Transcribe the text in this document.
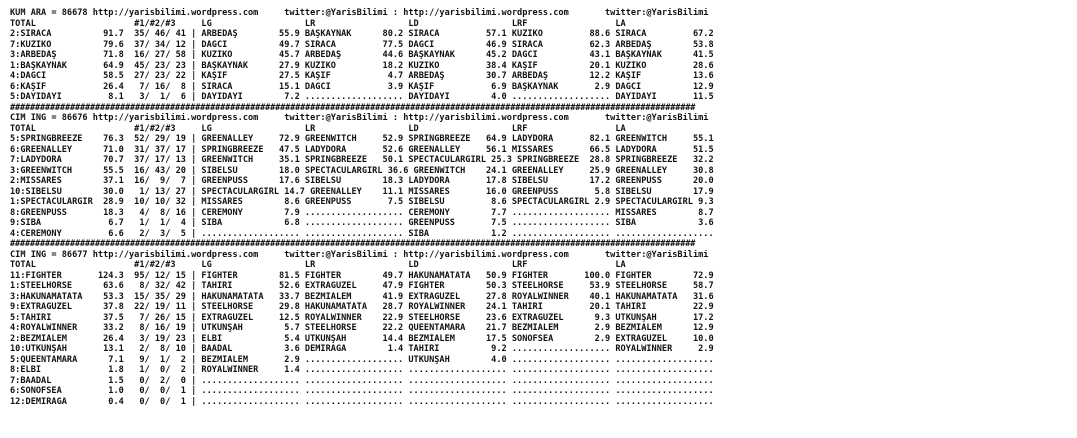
KUM ARA = 86678 http://yarisbilimi.wordpress.com     twitter:@YarisBilimi : http://yarisbilimi.wordpress.com       twitter:@YarisBilimi
TOTAL                   #1/#2/#3     LG                  LR                  LD                  LRF                 LA
2:SIRACA          91.7  35/ 46/ 41 | ARBEDAŞ        55.9 BAŞKAYNAK      80.2 SIRACA         57.1 KUZİKO         88.6 SIRACA         67.2
7:KUZİKO          79.6  37/ 34/ 12 | DAĞCI          49.7 SIRACA         77.5 DAĞCI          46.9 SIRACA         62.3 ARBEDAŞ        53.8
3:ARBEDAŞ         71.8  16/ 27/ 58 | KUZİKO         45.7 ARBEDAŞ        44.6 BAŞKAYNAK      45.2 DAĞCI          43.1 BAŞKAYNAK      41.5
1:BAŞKAYNAK       64.9  45/ 23/ 23 | BAŞKAYNAK      27.9 KUZİKO         18.2 KUZİKO         38.4 KAŞİF          20.1 KUZİKO         28.6
4:DAĞCI           58.5  27/ 23/ 22 | KAŞİF          27.5 KAŞİF           4.7 ARBEDAŞ        30.7 ARBEDAŞ        12.2 KAŞİF          13.6
6:KAŞİF           26.4   7/ 16/  8 | SIRACA         15.1 DAĞCI           3.9 KAŞİF           6.9 BAŞKAYNAK       2.9 DAĞCI          12.9
5:DAYIDAYI         8.1   3/  1/  6 | DAYIDAYI        7.2 ................... DAYIDAYI        4.0 ................... DAYIDAYI       11.5
#########################################################################################################################################
CIM ING = 86676 http://yarisbilimi.wordpress.com     twitter:@YarisBilimi : http://yarisbilimi.wordpress.com       twitter:@YarisBilimi
TOTAL                   #1/#2/#3     LG                  LR                  LD                  LRF                 LA
5:SPRINGBREEZE    76.3  52/ 29/ 19 | GREENALLEY     72.9 GREENWITCH     52.9 SPRINGBREEZE   64.9 LADYDORA       82.1 GREENWITCH     55.1
6:GREENALLEY      71.0  31/ 37/ 17 | SPRINGBREEZE   47.5 LADYDORA       52.6 GREENALLEY     56.1 MISSARES       66.5 LADYDORA       51.5
7:LADYDORA        70.7  37/ 17/ 13 | GREENWITCH     35.1 SPRINGBREEZE   50.1 SPECTACULARGIRL 25.3 SPRINGBREEZE  28.8 SPRINGBREEZE   32.2
3:GREENWITCH      55.5  16/ 43/ 20 | SİBELSU        18.0 SPECTACULARGIRL 36.6 GREENWITCH    24.1 GREENALLEY     25.9 GREENALLEY     30.8
2:MISSARES        37.1  16/  9/  7 | GREENPUSS      17.6 SİBELSU        18.3 LADYDORA       17.8 SİBELSU        17.2 GREENPUSS      20.0
10:SİBELSU        30.0   1/ 13/ 27 | SPECTACULARGIRL 14.7 GREENALLEY    11.1 MISSARES       16.0 GREENPUSS       5.8 SİBELSU        17.9
1:SPECTACULARGIR  28.9  10/ 10/ 32 | MISSARES        8.6 GREENPUSS       7.5 SİBELSU         8.6 SPECTACULARGIRL 2.9 SPECTACULARGIRL 9.3
8:GREENPUSS       18.3   4/  8/ 16 | CEREMONY        7.9 ................... CEREMONY        7.7 ................... MISSARES        8.7
9:SİBA             6.7   1/  1/  4 | SİBA            6.8 ................... GREENPUSS       7.5 ................... SİBA            3.6
4:CEREMONY         6.6   2/  3/  5 | ................... ................... SİBA            1.2 ................... ...................
#########################################################################################################################################
CIM ING = 86677 http://yarisbilimi.wordpress.com     twitter:@YarisBilimi : http://yarisbilimi.wordpress.com       twitter:@YarisBilimi
TOTAL                   #1/#2/#3     LG                  LR                  LD                  LRF                 LA
11:FIGHTER       124.3  95/ 12/ 15 | FIGHTER        81.5 FIGHTER        49.7 HAKUNAMATATA   50.9 FIGHTER       100.0 FIGHTER        72.9
1:STEELHORSE      63.6   8/ 32/ 42 | TAHİRİ         52.6 EXTRAGÜZEL     47.9 FIGHTER        50.3 STEELHORSE     53.9 STEELHORSE     58.7
3:HAKUNAMATATA    53.3  15/ 35/ 29 | HAKUNAMATATA   33.7 BEZMİALEM      41.9 EXTRAGÜZEL     27.8 ROYALWINNER    40.1 HAKUNAMATATA   31.6
9:EXTRAGÜZEL      37.8  22/ 19/ 11 | STEELHORSE     29.8 HAKUNAMATATA   28.7 ROYALWINNER    24.1 TAHİRİ         20.1 TAHİRİ         22.9
5:TAHİRİ          37.5   7/ 26/ 15 | EXTRAGÜZEL     12.5 ROYALWINNER    22.9 STEELHORSE     23.6 EXTRAGÜZEL      9.3 UTKUNŞAH       17.2
4:ROYALWINNER     33.2   8/ 16/ 19 | UTKUNŞAH        5.7 STEELHORSE     22.2 QUEENTAMARA    21.7 BEZMİALEM       2.9 BEZMİALEM      12.9
2:BEZMİALEM       26.4   3/ 19/ 23 | ELBİ            5.4 UTKUNŞAH       14.4 BEZMİALEM      17.5 SONOFSEA        2.9 EXTRAGÜZEL     10.0
10:UTKUNŞAH       13.1   2/  8/ 10 | BAADAL          3.6 DEMİRAĞA        1.4 TAHİRİ          9.2 ................... ROYALWINNER     2.9
5:QUEENTAMARA      7.1   9/  1/  2 | BEZMİALEM       2.9 ................... UTKUNŞAH        4.0 ................... ...................
8:ELBİ             1.8   1/  0/  2 | ROYALWINNER     1.4 ................... ................... ................... ...................
7:BAADAL           1.5   0/  2/  0 | ................... ................... ................... ................... ...................
6:SONOFSEA         1.0   0/  0/  1 | ................... ................... ................... ................... ...................
12:DEMİRAĞA        0.4   0/  0/  1 | ................... ................... ................... ................... ...................
